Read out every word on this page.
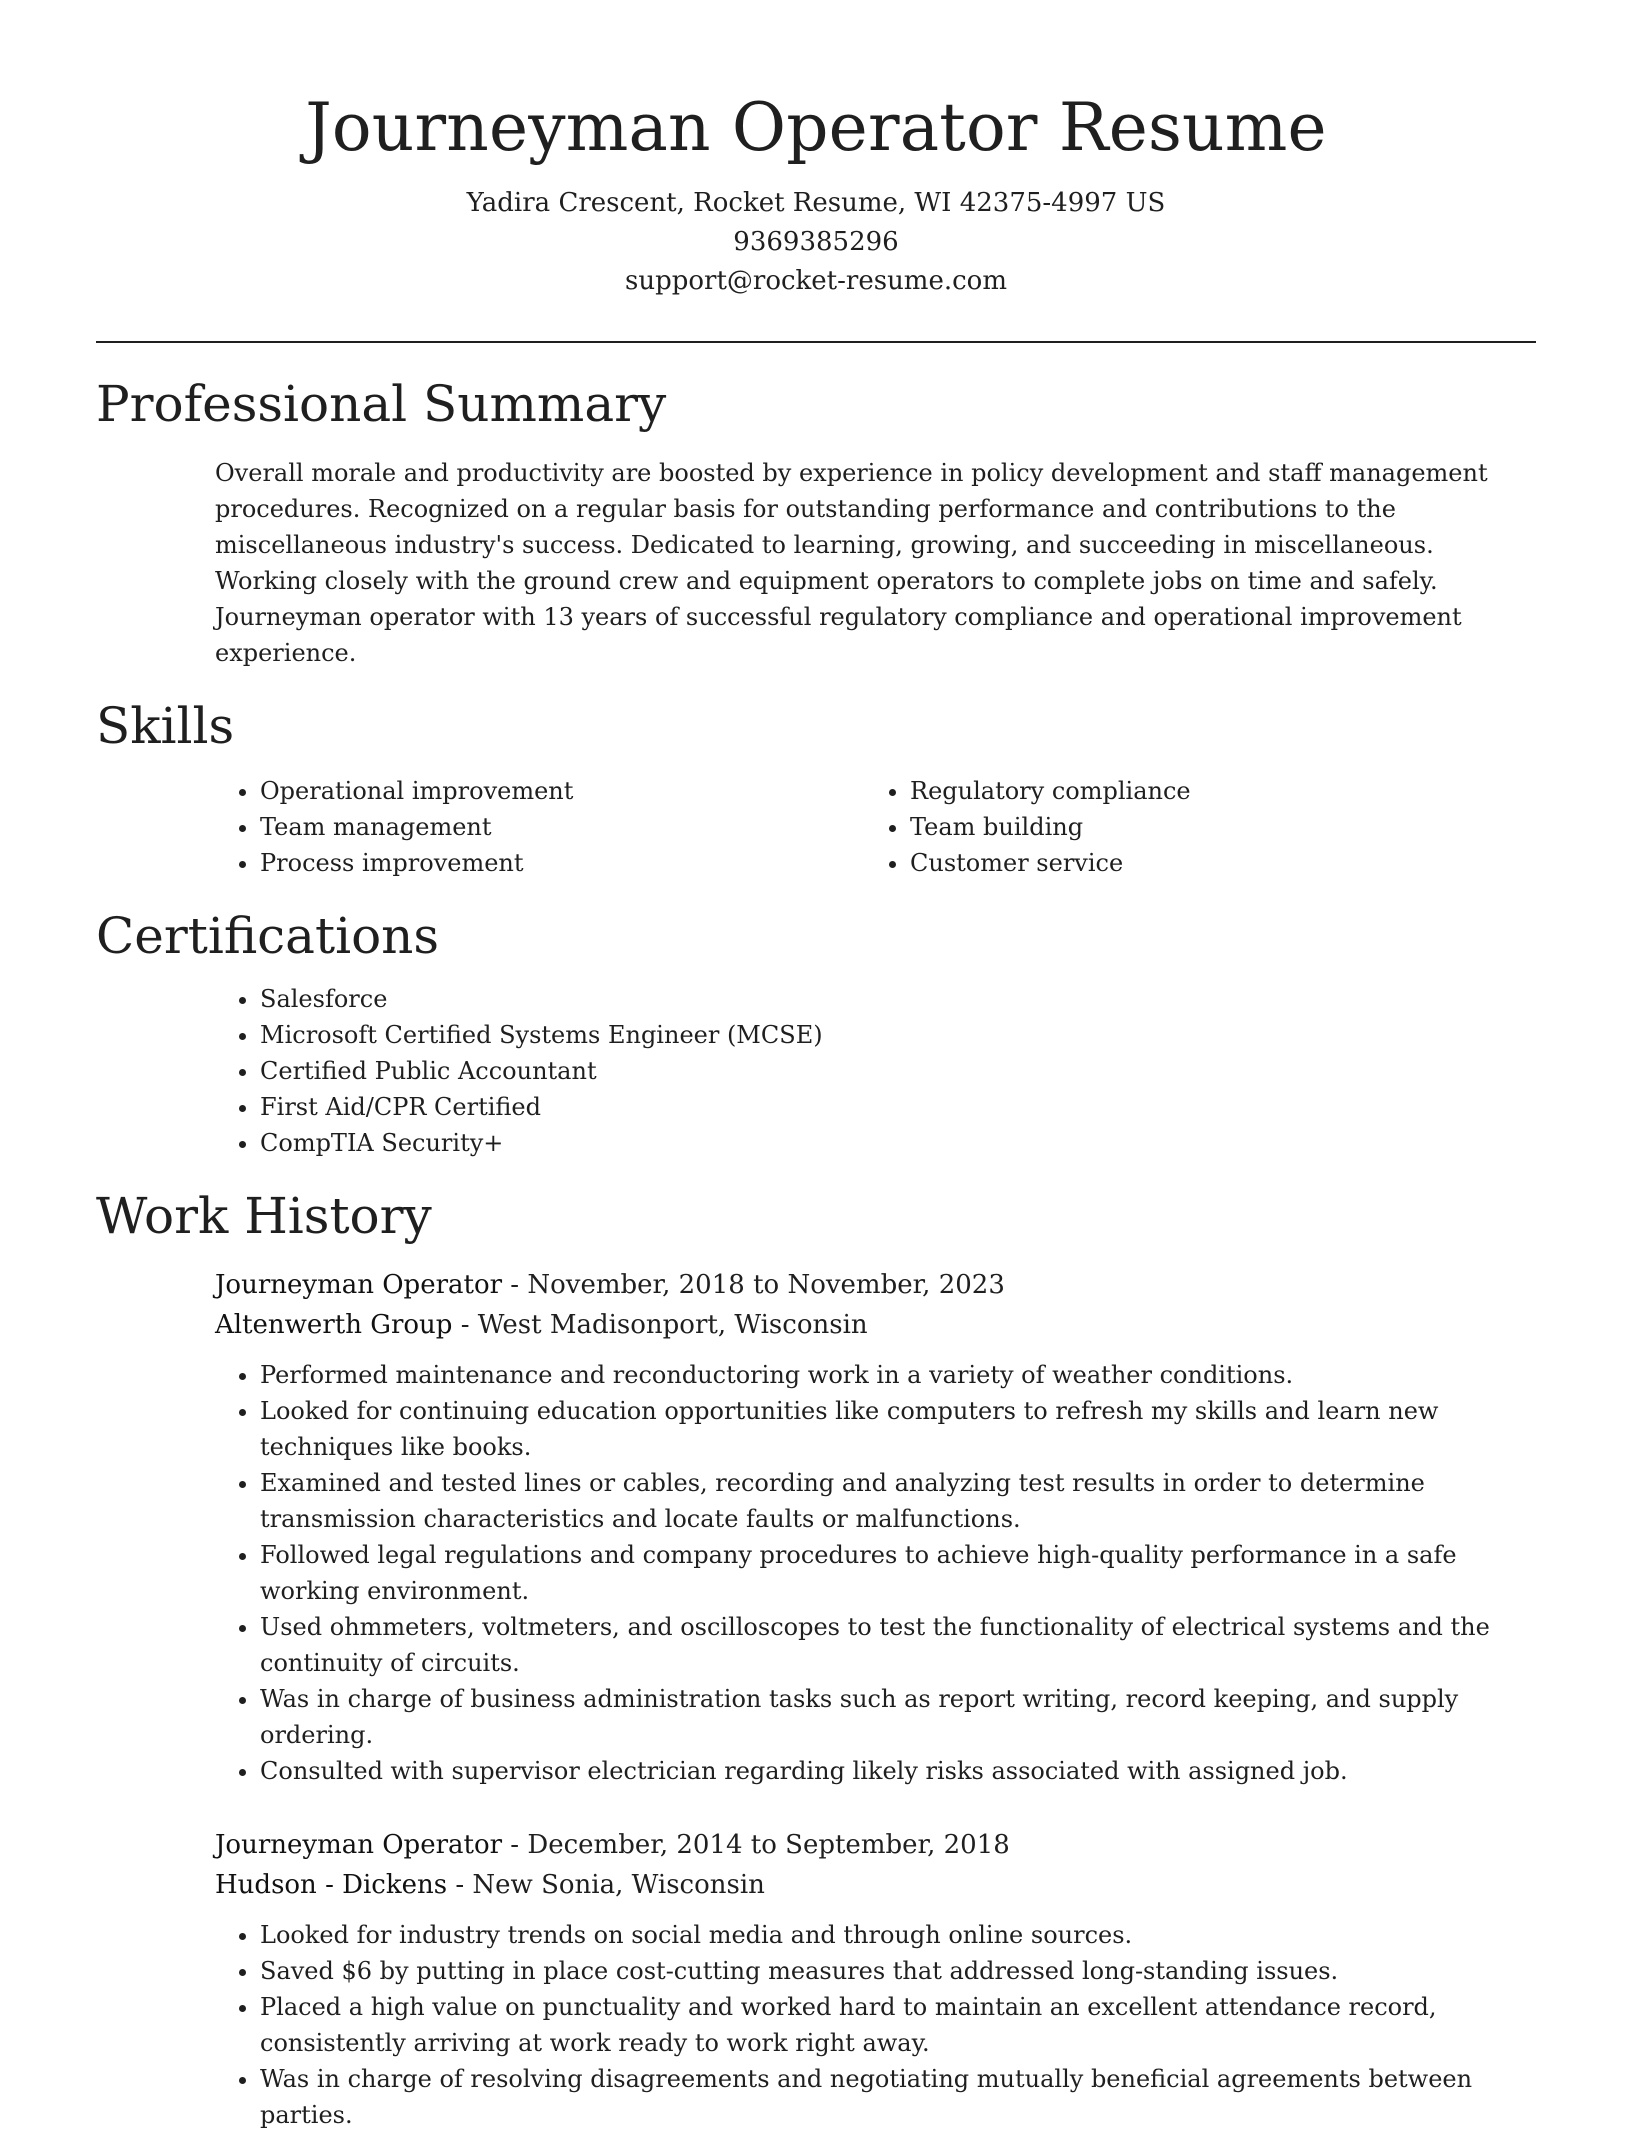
Journeyman Operator Resume

Yadira Crescent, Rocket Resume, WI 42375-4997 US

9369385296

support@rocket-resume.com

Professional Summary

Overall morale and productivity are boosted by experience in policy development and staff management procedures. Recognized on a regular basis for outstanding performance and contributions to the miscellaneous industry's success. Dedicated to learning, growing, and succeeding in miscellaneous. Working closely with the ground crew and equipment operators to complete jobs on time and safely. Journeyman operator with 13 years of successful regulatory compliance and operational improvement experience.

Skills
• Operational improvement
• Team management
• Process improvement
• Regulatory compliance
• Team building
• Customer service
Certifications
• Salesforce
• Microsoft Certified Systems Engineer (MCSE)
• Certified Public Accountant
• First Aid/CPR Certified
• CompTIA Security+
Work History

Journeyman Operator - November, 2018 to November, 2023

Altenwerth Group - West Madisonport, Wisconsin

• Performed maintenance and reconductoring work in a variety of weather conditions.
• Looked for continuing education opportunities like computers to refresh my skills and learn new techniques like books.
• Examined and tested lines or cables, recording and analyzing test results in order to determine transmission characteristics and locate faults or malfunctions.
• Followed legal regulations and company procedures to achieve high-quality performance in a safe working environment.
• Used ohmmeters, voltmeters, and oscilloscopes to test the functionality of electrical systems and the continuity of circuits.
• Was in charge of business administration tasks such as report writing, record keeping, and supply ordering.
• Consulted with supervisor electrician regarding likely risks associated with assigned job.

Journeyman Operator - December, 2014 to September, 2018

Hudson - Dickens - New Sonia, Wisconsin

• Looked for industry trends on social media and through online sources.
• Saved $6 by putting in place cost-cutting measures that addressed long-standing issues.
• Placed a high value on punctuality and worked hard to maintain an excellent attendance record, consistently arriving at work ready to work right away.
• Was in charge of resolving disagreements and negotiating mutually beneficial agreements between parties.
